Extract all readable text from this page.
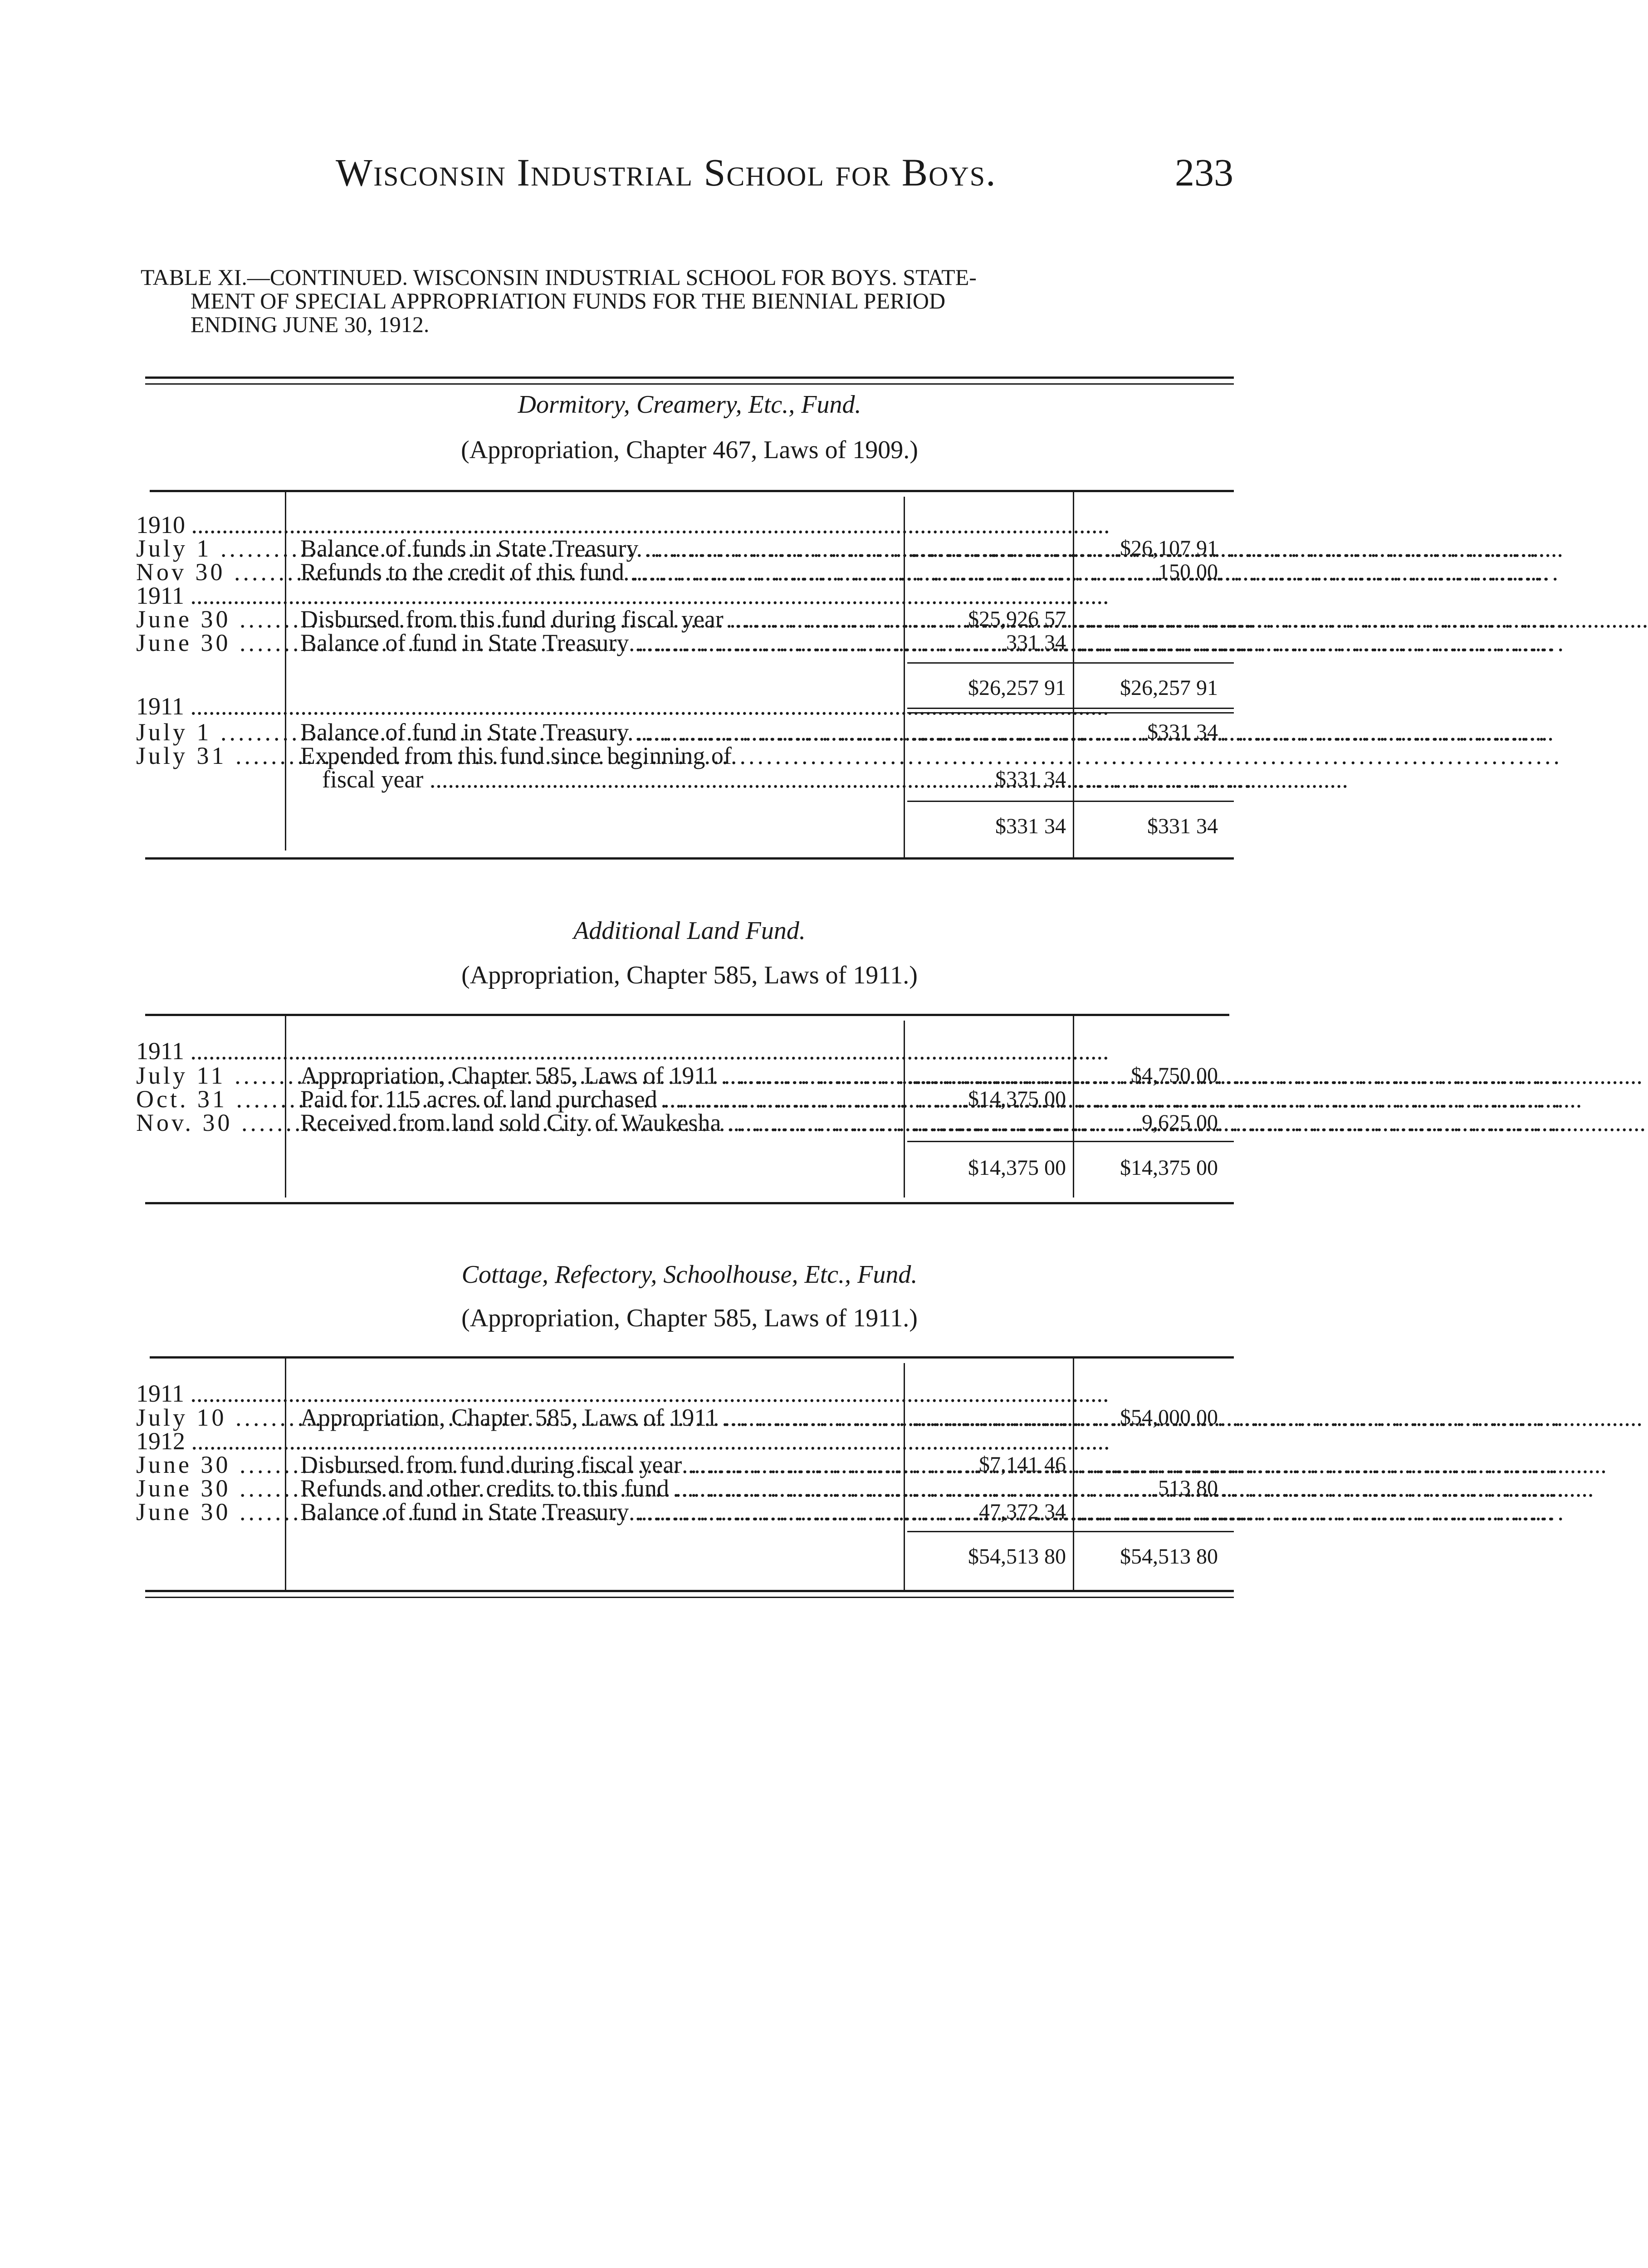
Wisconsin Industrial School for Boys.	233
TABLE XI.—CONTINUED. WISCONSIN INDUSTRIAL SCHOOL FOR BOYS. STATE-
MENT OF SPECIAL APPROPRIATION FUNDS FOR THE BIENNIAL PERIOD
ENDING JUNE 30, 1912.
Dormitory, Creamery, Etc., Fund.
(Appropriation, Chapter 467, Laws of 1909.)
1910 .....
July 1 .....	Balance of funds in State Treasury .....	....................	$26,107 91
Nov 30 .....	Refunds to the credit of this fund .....	....... .......	150 00
1911 .....
June 30 .....	Disbursed from this fund during fiscal year .....	$25,926 57 ....................
June 30 .....	Balance of fund in State Treasury .....	331 34 ....................
$26,257 91	$26,257 91
1911 .....
July 1 .....	Balance of fund in State Treasury .....	....................	$331 34
July 31 .....	Expended from this fund since beginning of
fiscal year .....	$331 34 ....................
$331 34	$331 34
Additional Land Fund.
(Appropriation, Chapter 585, Laws of 1911.)
1911 .....
July 11 .....	Appropriation, Chapter 585, Laws of 1911 .....	....................	$4,750 00
Oct. 31 .....	Paid for 115 acres of land purchased .....	$14,375 00 ....................
Nov. 30 .....	Received from land sold City of Waukesha .....	....................	9,625 00
$14,375 00	$14,375 00
Cottage, Refectory, Schoolhouse, Etc., Fund.
(Appropriation, Chapter 585, Laws of 1911.)
1911 .....
July 10 .....	Appropriation, Chapter 585, Laws of 1911 .....	....................	$54,000 00
1912 .....
June 30 .....	Disbursed from fund during fiscal year .....	$7,141 46 ....................
June 30 .....	Refunds and other credits to this fund .....	....................	513 80
June 30 .....	Balance of fund in State Treasury .....	47,372 34 ....................
$54,513 80	$54,513 80
